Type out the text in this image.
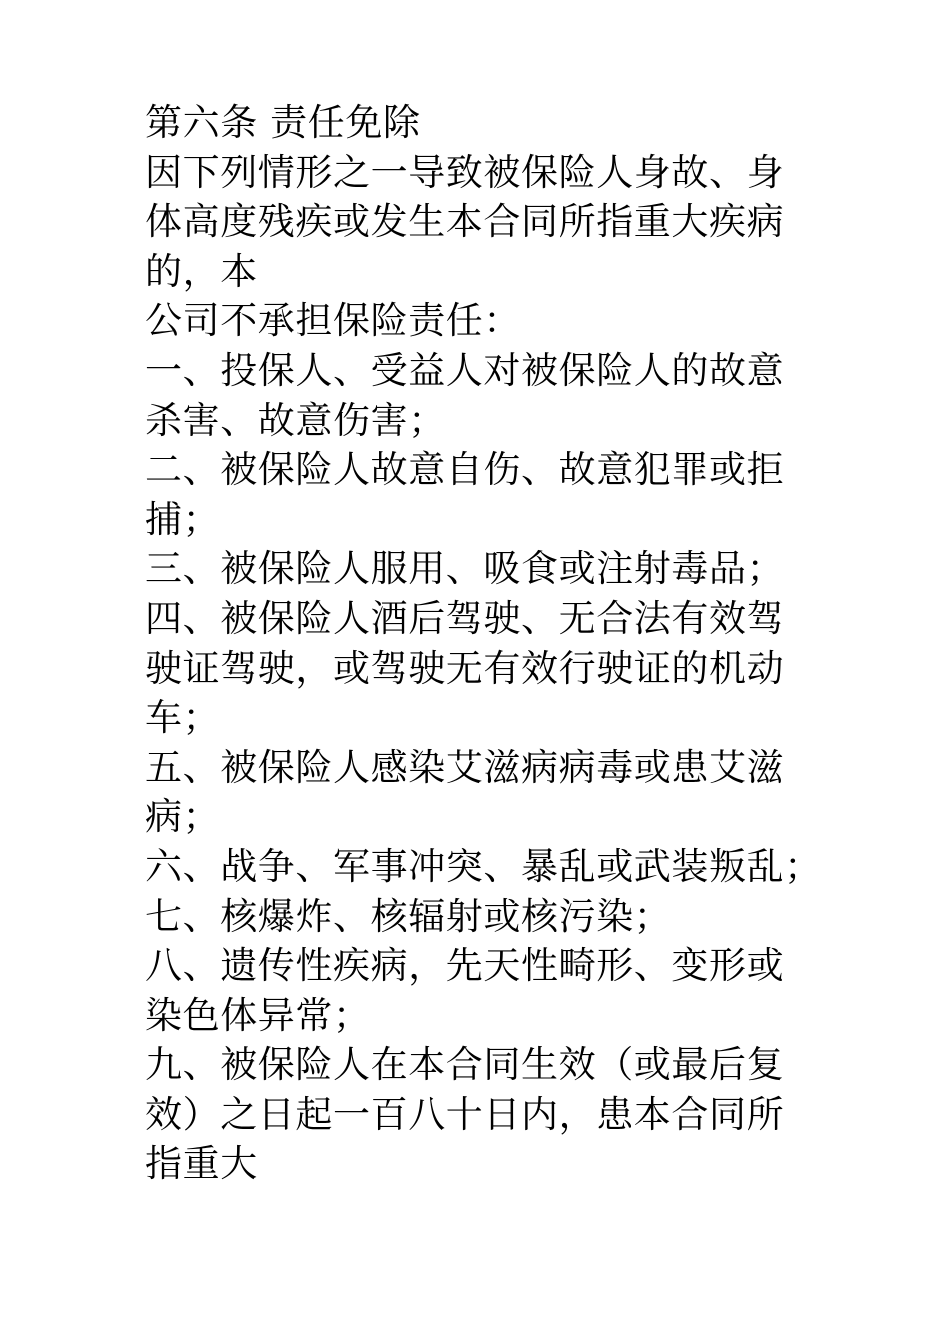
第六条 责任免除
因下列情形之一导致被保险人身故、身
体高度残疾或发生本合同所指重大疾病
的，本
公司不承担保险责任：
一、投保人、受益人对被保险人的故意
杀害、故意伤害；
二、被保险人故意自伤、故意犯罪或拒
捕；
三、被保险人服用、吸食或注射毒品；
四、被保险人酒后驾驶、无合法有效驾
驶证驾驶，或驾驶无有效行驶证的机动
车；
五、被保险人感染艾滋病病毒或患艾滋
病；
六、战争、军事冲突、暴乱或武装叛乱；
七、核爆炸、核辐射或核污染；
八、遗传性疾病，先天性畸形、变形或
染色体异常；
九、被保险人在本合同生效（或最后复
效）之日起一百八十日内，患本合同所
指重大
